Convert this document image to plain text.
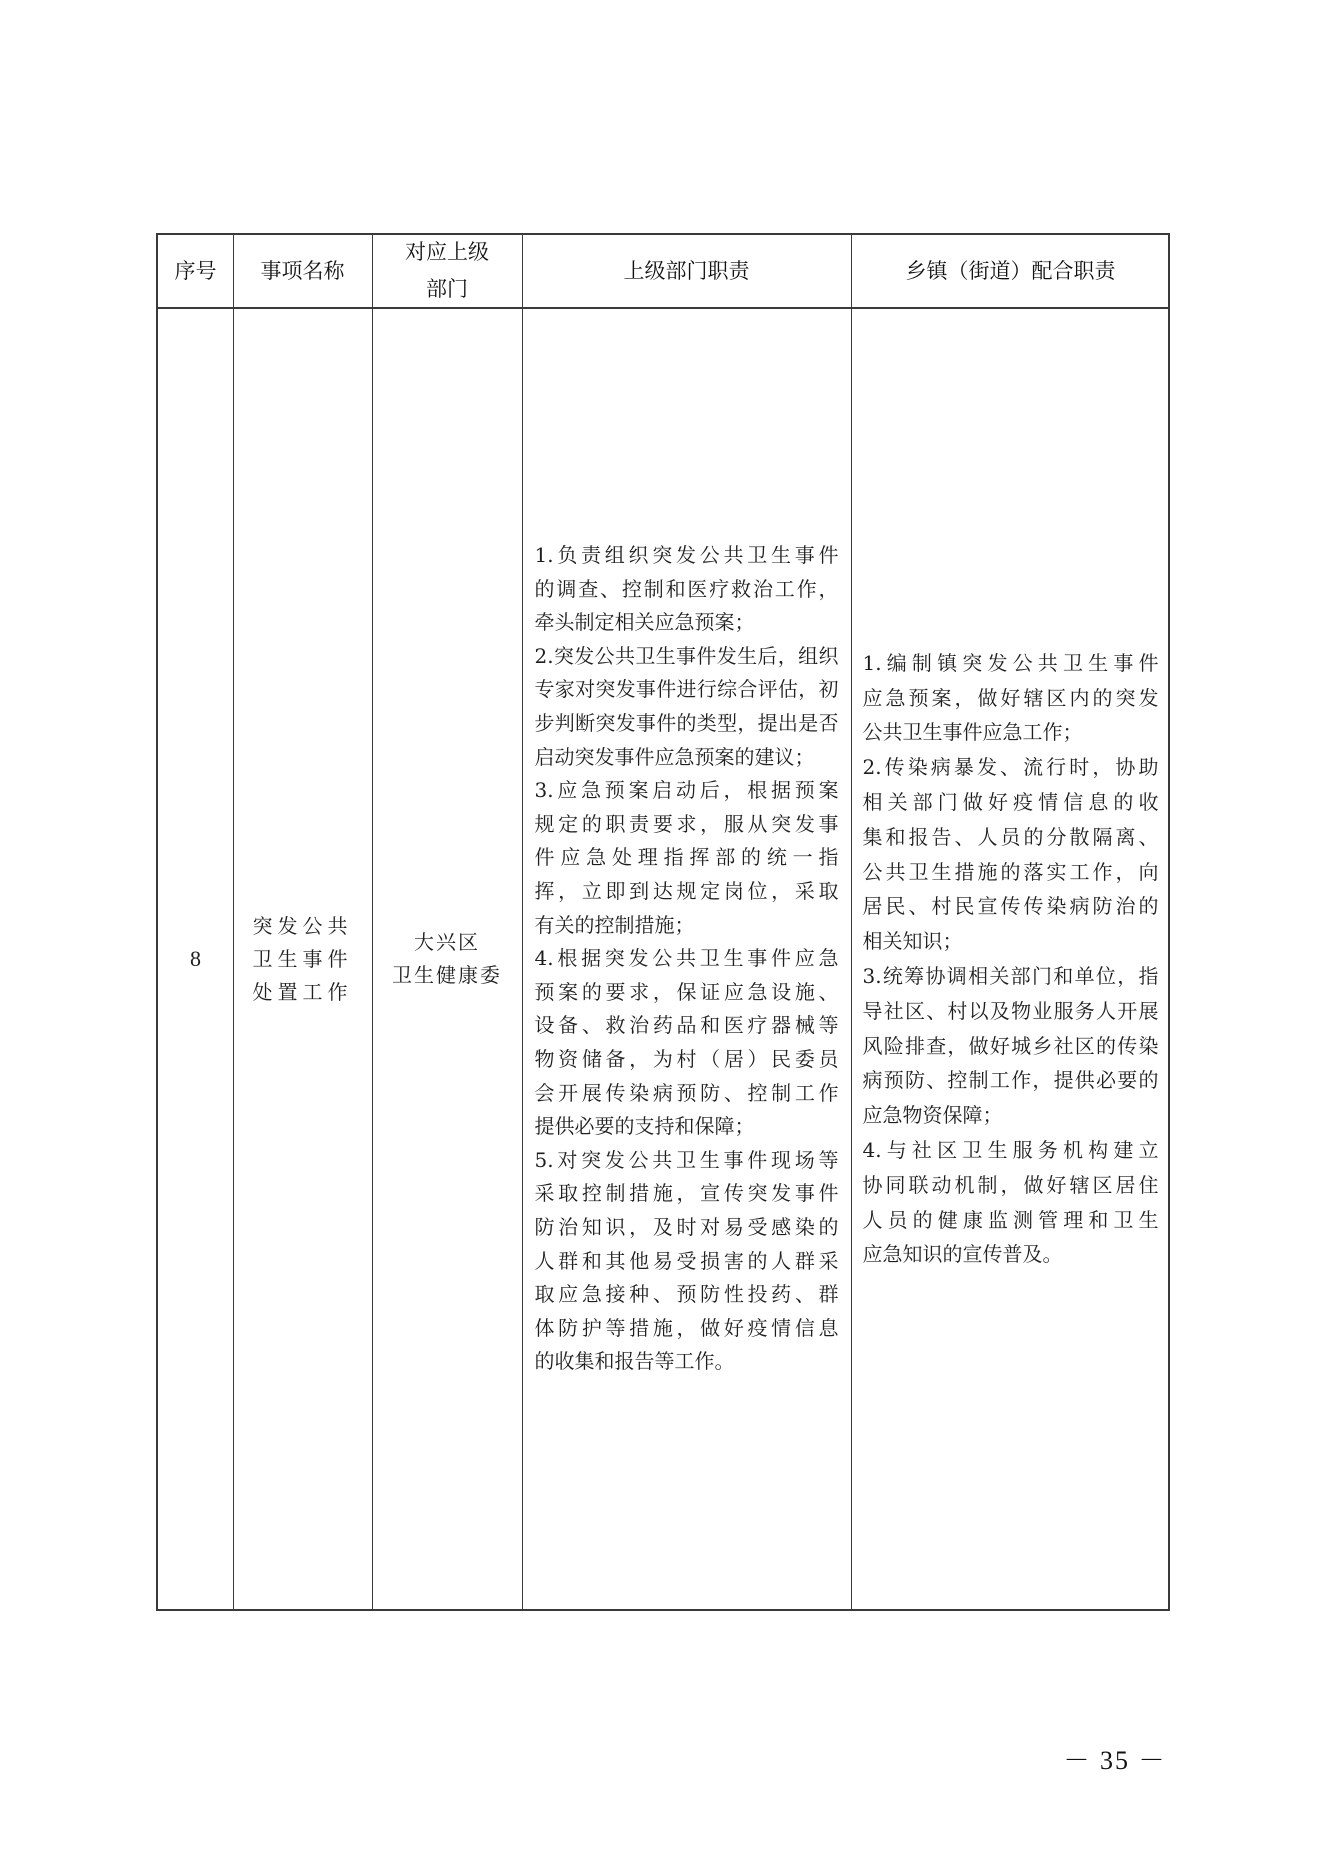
序号 事项名称
对应上级
部门
上级部门职责	乡镇（街道）配合职责
8
突发公共
卫生事件
处置工作
大兴区
卫生健康委
1.负责组织突发公共卫生事件
的调查、控制和医疗救治工作，
牵头制定相关应急预案；
2.突发公共卫生事件发生后，组织
专家对突发事件进行综合评估，初
步判断突发事件的类型，提出是否
启动突发事件应急预案的建议；
3.应急预案启动后，根据预案
规定的职责要求，服从突发事
件应急处理指挥部的统一指
挥，立即到达规定岗位，采取
有关的控制措施；
4.根据突发公共卫生事件应急
预案的要求，保证应急设施、
设备、救治药品和医疗器械等
物资储备，为村（居）民委员
会开展传染病预防、控制工作
提供必要的支持和保障；
5.对突发公共卫生事件现场等
采取控制措施，宣传突发事件
防治知识，及时对易受感染的
人群和其他易受损害的人群采
取应急接种、预防性投药、群
体防护等措施，做好疫情信息
的收集和报告等工作。
1.编制镇突发公共卫生事件
应急预案，做好辖区内的突发
公共卫生事件应急工作；
2.传染病暴发、流行时，协助
相关部门做好疫情信息的收
集和报告、人员的分散隔离、
公共卫生措施的落实工作，向
居民、村民宣传传染病防治的
相关知识；
3.统筹协调相关部门和单位，指
导社区、村以及物业服务人开展
风险排查，做好城乡社区的传染
病预防、控制工作，提供必要的
应急物资保障；
4.与社区卫生服务机构建立
协同联动机制，做好辖区居住
人员的健康监测管理和卫生
应急知识的宣传普及。
－ 35 －
